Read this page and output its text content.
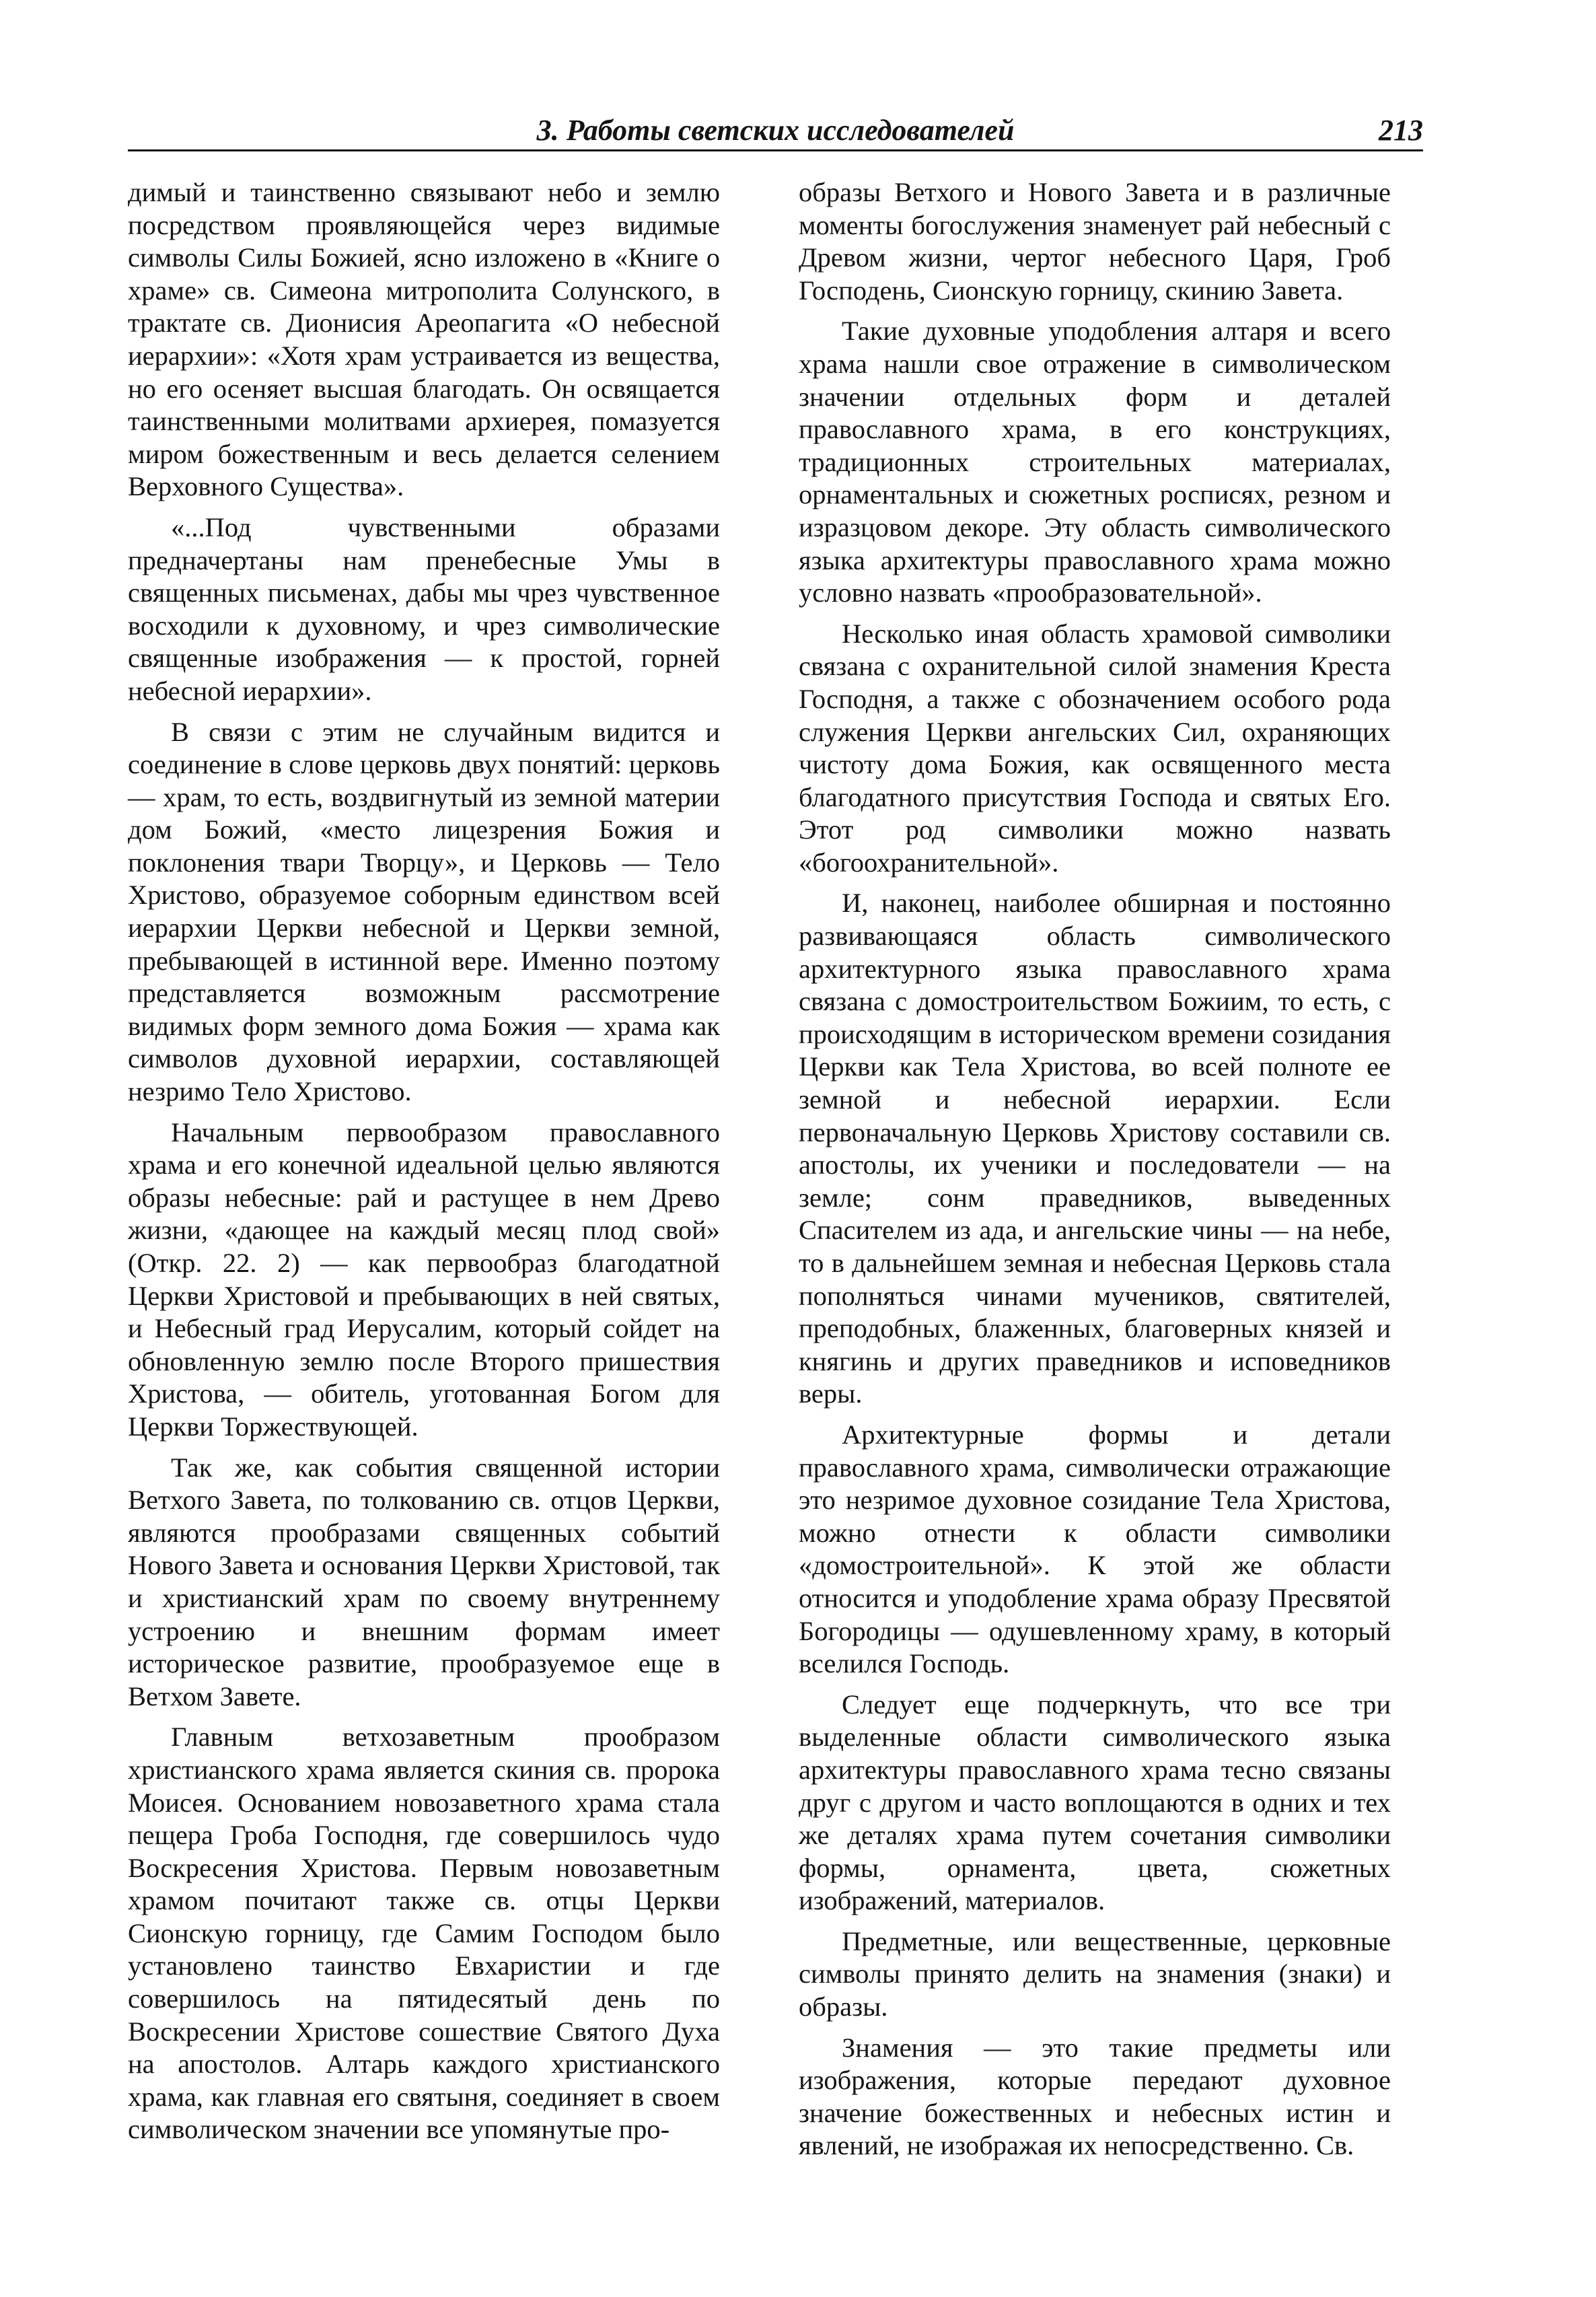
3. Работы светских исследователей	213

димый и таинственно связывают небо и землю посредством проявляющейся через видимые символы Силы Божией, ясно изложено в «Книге о храме» св. Симеона митрополита Солунского, в трактате св. Дионисия Ареопагита «О небесной иерархии»: «Хотя храм устраивается из вещества, но его осеняет высшая благодать. Он освящается таинственными молитвами архиерея, помазуется миром божественным и весь делается селением Верховного Существа».

«...Под чувственными образами предначертаны нам пренебесные Умы в священных письменах, дабы мы чрез чувственное восходили к духовному, и чрез символические священные изображения — к простой, горней небесной иерархии».

В связи с этим не случайным видится и соединение в слове церковь двух понятий: церковь — храм, то есть, воздвигнутый из земной материи дом Божий, «место лицезрения Божия и поклонения твари Творцу», и Церковь — Тело Христово, образуемое соборным единством всей иерархии Церкви небесной и Церкви земной, пребывающей в истинной вере. Именно поэтому представляется возможным рассмотрение видимых форм земного дома Божия — храма как символов духовной иерархии, составляющей незримо Тело Христово.

Начальным первообразом православного храма и его конечной идеальной целью являются образы небесные: рай и растущее в нем Древо жизни, «дающее на каждый месяц плод свой» (Откр. 22. 2) — как первообраз благодатной Церкви Христовой и пребывающих в ней святых, и Небесный град Иерусалим, который сойдет на обновленную землю после Второго пришествия Христова, — обитель, уготованная Богом для Церкви Торжествующей.

Так же, как события священной истории Ветхого Завета, по толкованию св. отцов Церкви, являются прообразами священных событий Нового Завета и основания Церкви Христовой, так и христианский храм по своему внутреннему устроению и внешним формам имеет историческое развитие, прообразуемое еще в Ветхом Завете.

Главным ветхозаветным прообразом христианского храма является скиния св. пророка Моисея. Основанием новозаветного храма стала пещера Гроба Господня, где совершилось чудо Воскресения Христова. Первым новозаветным храмом почитают также св. отцы Церкви Сионскую горницу, где Самим Господом было установлено таинство Евхаристии и где совершилось на пятидесятый день по Воскресении Христове сошествие Святого Духа на апостолов. Алтарь каждого христианского храма, как главная его святыня, соединяет в своем символическом значении все упомянутые про-

образы Ветхого и Нового Завета и в различные моменты богослужения знаменует рай небесный с Древом жизни, чертог небесного Царя, Гроб Господень, Сионскую горницу, скинию Завета.

Такие духовные уподобления алтаря и всего храма нашли свое отражение в символическом значении отдельных форм и деталей православного храма, в его конструкциях, традиционных строительных материалах, орнаментальных и сюжетных росписях, резном и изразцовом декоре. Эту область символического языка архитектуры православного храма можно условно назвать «прообразовательной».

Несколько иная область храмовой символики связана с охранительной силой знамения Креста Господня, а также с обозначением особого рода служения Церкви ангельских Сил, охраняющих чистоту дома Божия, как освященного места благодатного присутствия Господа и святых Его. Этот род символики можно назвать «богоохранительной».

И, наконец, наиболее обширная и постоянно развивающаяся область символического архитектурного языка православного храма связана с домостроительством Божиим, то есть, с происходящим в историческом времени созидания Церкви как Тела Христова, во всей полноте ее земной и небесной иерархии. Если первоначальную Церковь Христову составили св. апостолы, их ученики и последователи — на земле; сонм праведников, выведенных Спасителем из ада, и ангельские чины — на небе, то в дальнейшем земная и небесная Церковь стала пополняться чинами мучеников, святителей, преподобных, блаженных, благоверных князей и княгинь и других праведников и исповедников веры.

Архитектурные формы и детали православного храма, символически отражающие это незримое духовное созидание Тела Христова, можно отнести к области символики «домостроительной». К этой же области относится и уподобление храма образу Пресвятой Богородицы — одушевленному храму, в который вселился Господь.

Следует еще подчеркнуть, что все три выделенные области символического языка архитектуры православного храма тесно связаны друг с другом и часто воплощаются в одних и тех же деталях храма путем сочетания символики формы, орнамента, цвета, сюжетных изображений, материалов.

Предметные, или вещественные, церковные символы принято делить на знамения (знаки) и образы.

Знамения — это такие предметы или изображения, которые передают духовное значение божественных и небесных истин и явлений, не изображая их непосредственно. Св.
